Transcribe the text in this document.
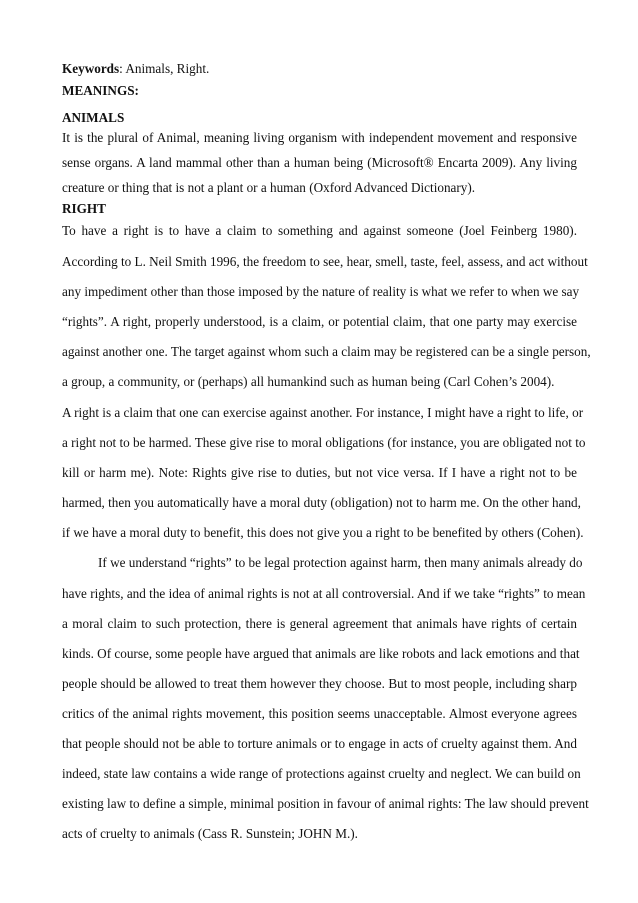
Keywords: Animals, Right.
MEANINGS:
ANIMALS
It is the plural of Animal, meaning living organism with independent movement and responsive
sense organs. A land mammal other than a human being (Microsoft® Encarta 2009). Any living
creature or thing that is not a plant or a human (Oxford Advanced Dictionary).
RIGHT
To have a right is to have a claim to something and against someone (Joel Feinberg 1980).
According to L. Neil Smith 1996, the freedom to see, hear, smell, taste, feel, assess, and act without
any impediment other than those imposed by the nature of reality is what we refer to when we say
“rights”. A right, properly understood, is a claim, or potential claim, that one party may exercise
against another one. The target against whom such a claim may be registered can be a single person,
a group, a community, or (perhaps) all humankind such as human being (Carl Cohen’s 2004).
A right is a claim that one can exercise against another. For instance, I might have a right to life, or
a right not to be harmed. These give rise to moral obligations (for instance, you are obligated not to
kill or harm me). Note: Rights give rise to duties, but not vice versa. If I have a right not to be
harmed, then you automatically have a moral duty (obligation) not to harm me. On the other hand,
if we have a moral duty to benefit, this does not give you a right to be benefited by others (Cohen).
If we understand “rights” to be legal protection against harm, then many animals already do
have rights, and the idea of animal rights is not at all controversial. And if we take “rights” to mean
a moral claim to such protection, there is general agreement that animals have rights of certain
kinds. Of course, some people have argued that animals are like robots and lack emotions and that
people should be allowed to treat them however they choose. But to most people, including sharp
critics of the animal rights movement, this position seems unacceptable. Almost everyone agrees
that people should not be able to torture animals or to engage in acts of cruelty against them. And
indeed, state law contains a wide range of protections against cruelty and neglect. We can build on
existing law to define a simple, minimal position in favour of animal rights: The law should prevent
acts of cruelty to animals (Cass R. Sunstein; JOHN M.).
